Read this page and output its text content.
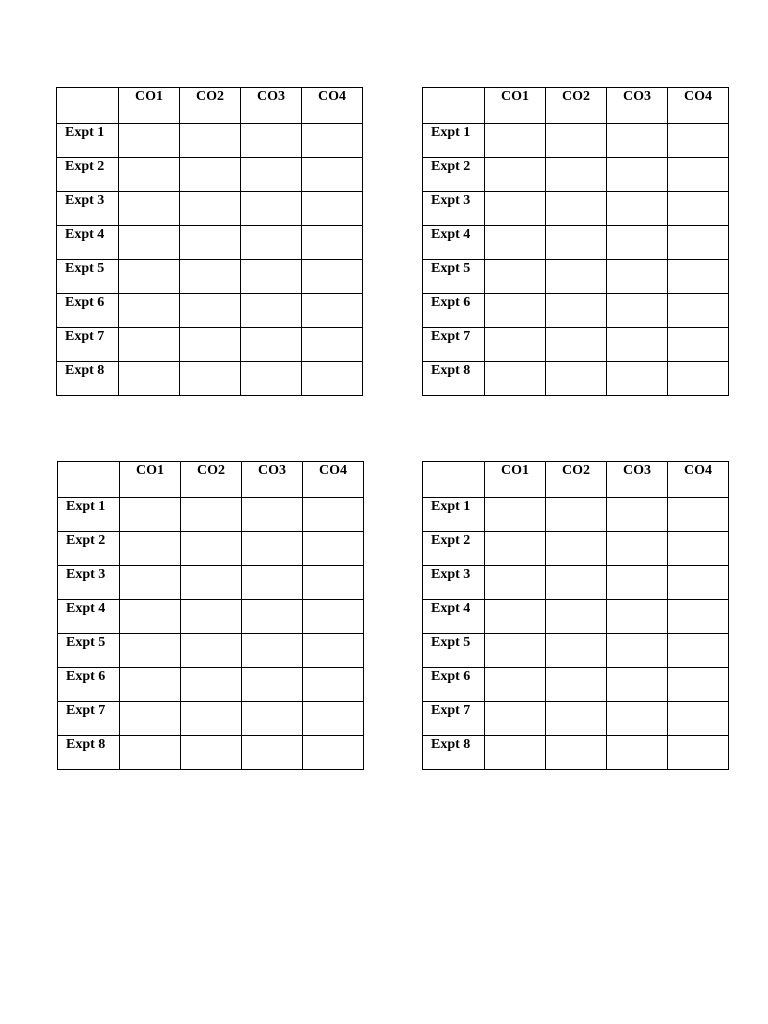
	CO1	CO2	CO3	CO4
Expt 1				
Expt 2				
Expt 3				
Expt 4				
Expt 5				
Expt 6				
Expt 7				
Expt 8				
	CO1	CO2	CO3	CO4
Expt 1				
Expt 2				
Expt 3				
Expt 4				
Expt 5				
Expt 6				
Expt 7				
Expt 8				
	CO1	CO2	CO3	CO4
Expt 1				
Expt 2				
Expt 3				
Expt 4				
Expt 5				
Expt 6				
Expt 7				
Expt 8				
	CO1	CO2	CO3	CO4
Expt 1				
Expt 2				
Expt 3				
Expt 4				
Expt 5				
Expt 6				
Expt 7				
Expt 8				
